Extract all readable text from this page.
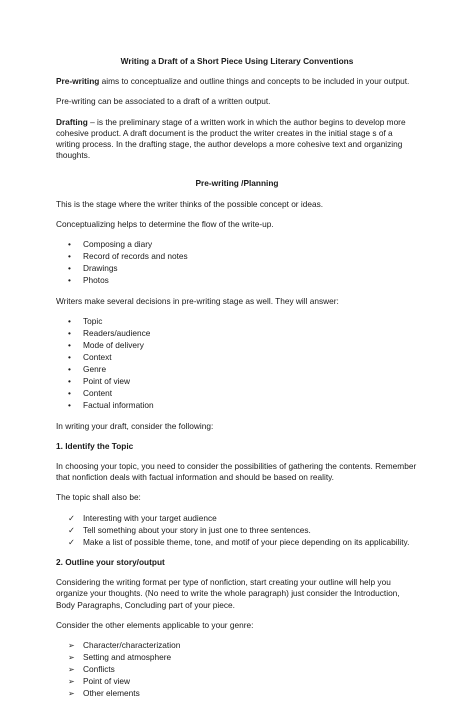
Writing a Draft of a Short Piece Using Literary Conventions

Pre-writing aims to conceptualize and outline things and concepts to be included in your output.

Pre-writing can be associated to a draft of a written output.

Drafting – is the preliminary stage of a written work in which the author begins to develop more cohesive product. A draft document is the product the writer creates in the initial stage s of a writing process. In the drafting stage, the author develops a more cohesive text and organizing thoughts.

Pre-writing /Planning

This is the stage where the writer thinks of the possible concept or ideas.

Conceptualizing helps to determine the flow of the write-up.

•
Composing a diary
•
Record of records and notes
•
Drawings
•
Photos

Writers make several decisions in pre-writing stage as well. They will answer:

•
Topic
•
Readers/audience
•
Mode of delivery
•
Context
•
Genre
•
Point of view
•
Content
•
Factual information

In writing your draft, consider the following:

1. Identify the Topic

In choosing your topic, you need to consider the possibilities of gathering the contents. Remember that nonfiction deals with factual information and should be based on reality.

The topic shall also be:

✓
Interesting with your target audience
✓
Tell something about your story in just one to three sentences.
✓
Make a list of possible theme, tone, and motif of your piece depending on its applicability.
2. Outline your story/output

Considering the writing format per type of nonfiction, start creating your outline will help you organize your thoughts. (No need to write the whole paragraph) just consider the Introduction, Body Paragraphs, Concluding part of your piece.

Consider the other elements applicable to your genre:

➢
Character/characterization
➢
Setting and atmosphere
➢
Conflicts
➢
Point of view
➢
Other elements
